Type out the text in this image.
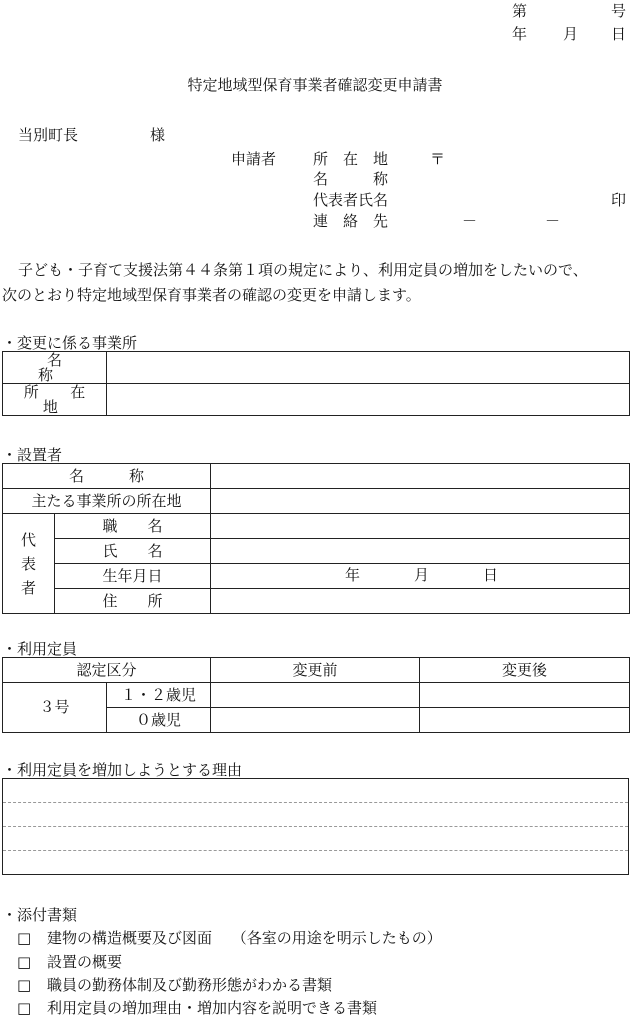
第	号
年 月 日
特定地域型保育事業者確認変更申請書
当別町長	様
申請者 所　在　地	〒
名　　　称
代表者氏名	印
連　絡　先	－	－
子ども・子育て支援法第４４条第１項の規定により、利用定員の増加をしたいので、
次のとおり特定地域型保育事業者の確認の変更を申請します。
・変更に係る事業所
名　　称	
所　在　地	
・設置者
名　　　称		
主たる事業所の所在地		
代
表
者	職　　名	
	氏　　名	
	生年月日	年 月 日

	住　　所	
・利用定員
認定区分		変更前	変更後
３号	１・２歳児		
	０歳児		
・利用定員を増加しようとする理由
・添付書類
□ 建物の構造概要及び図面　 （各室の用途を明示したもの）
□ 設置の概要
□ 職員の勤務体制及び勤務形態がわかる書類
□ 利用定員の増加理由・増加内容を説明できる書類
